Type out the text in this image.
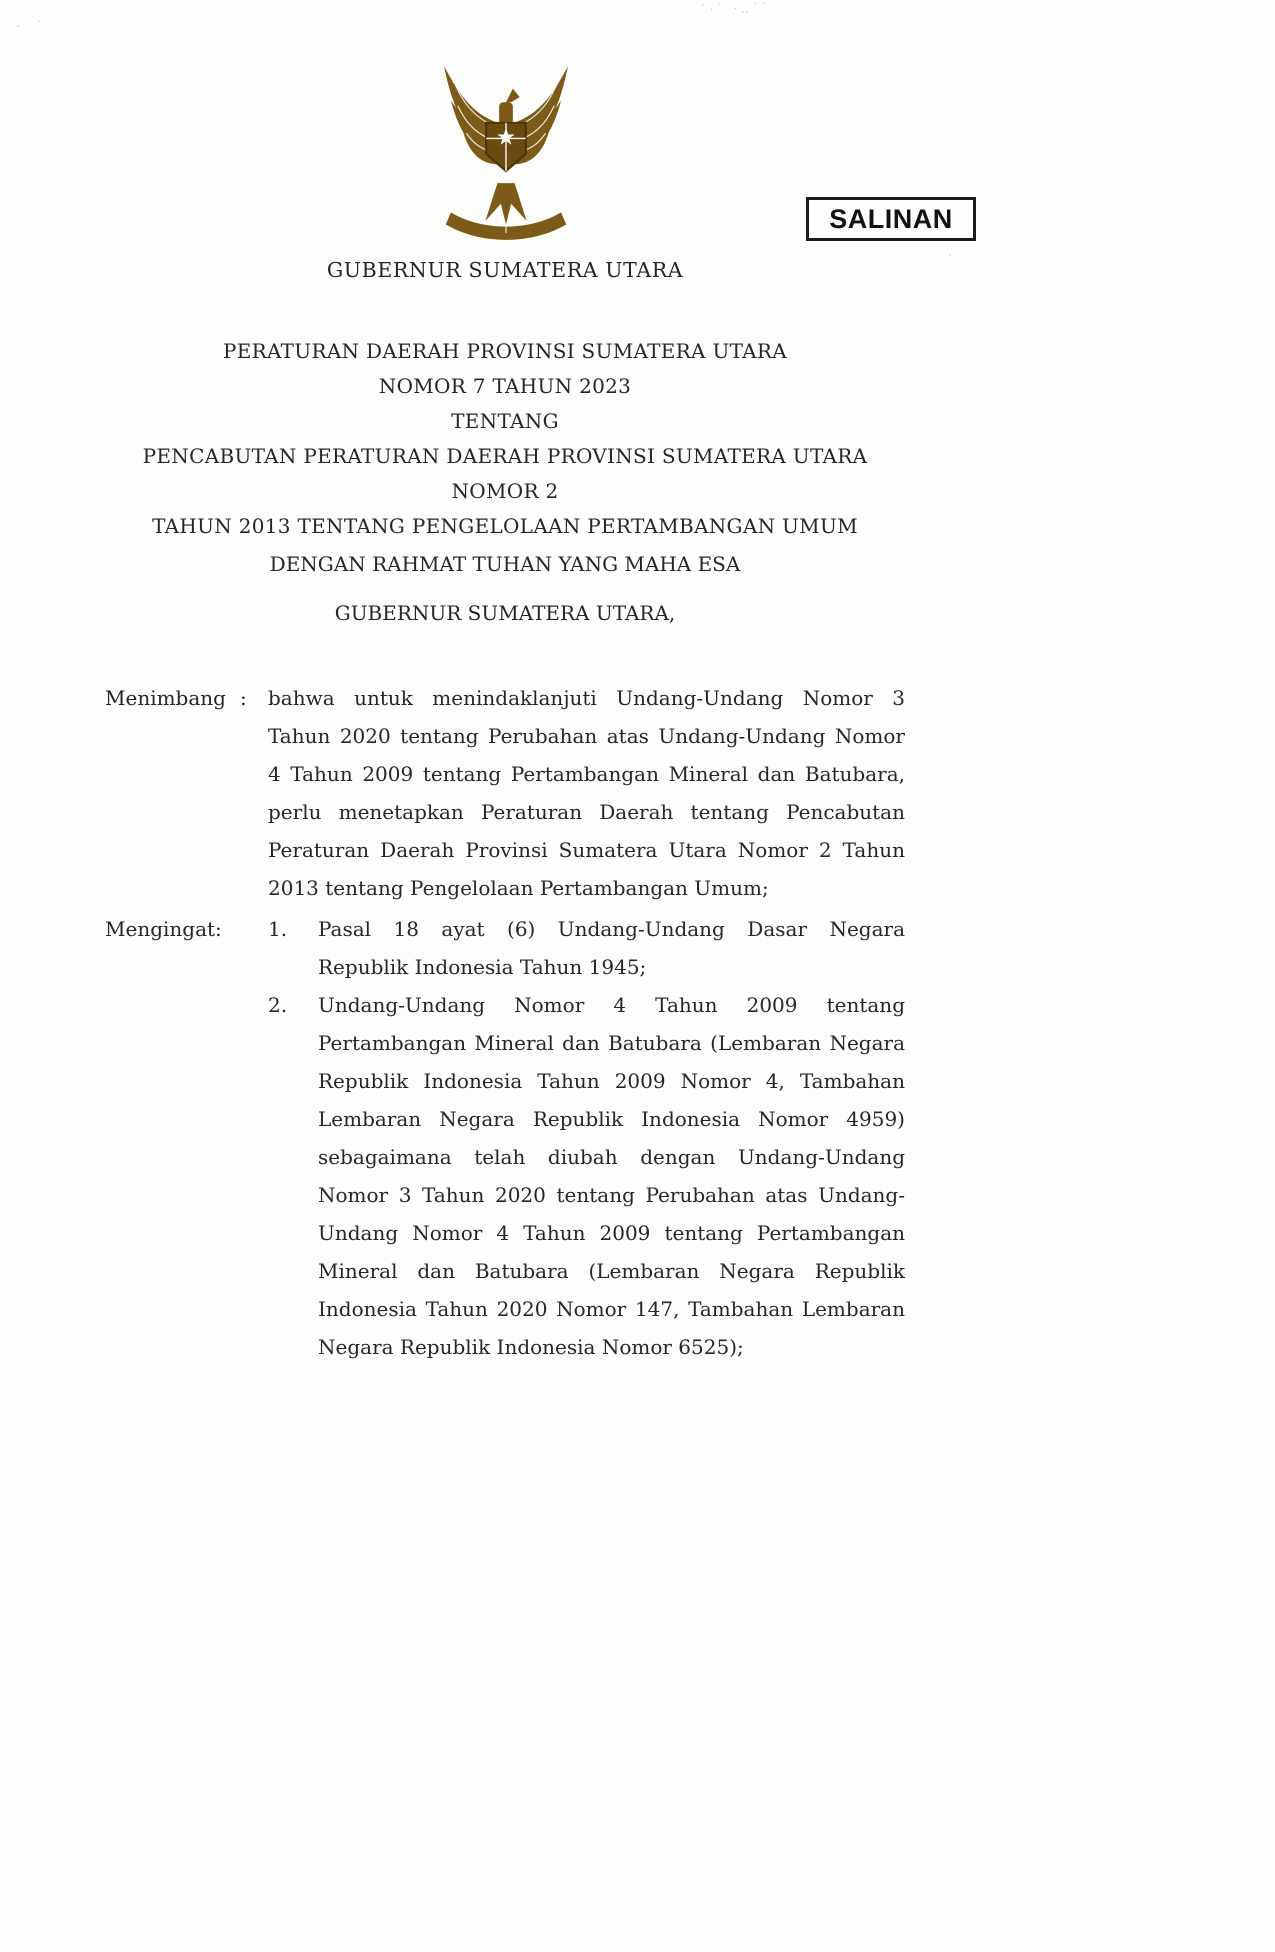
˙·˙ ·‥˙˙
· ˙
·
SALINAN
GUBERNUR SUMATERA UTARA
PERATURAN DAERAH PROVINSI SUMATERA UTARA
NOMOR 7 TAHUN 2023
TENTANG
PENCABUTAN PERATURAN DAERAH PROVINSI SUMATERA UTARA NOMOR 2
TAHUN 2013 TENTANG PENGELOLAAN PERTAMBANGAN UMUM
DENGAN RAHMAT TUHAN YANG MAHA ESA
GUBERNUR SUMATERA UTARA,
Menimbang :	bahwa untuk menindaklanjuti Undang-Undang Nomor 3 Tahun 2020 tentang Perubahan atas Undang-Undang Nomor 4 Tahun 2009 tentang Pertambangan Mineral dan Batubara, perlu menetapkan Peraturan Daerah tentang Pencabutan Peraturan Daerah Provinsi Sumatera Utara Nomor 2 Tahun 2013 tentang Pengelolaan Pertambangan Umum;
Mengingat:	1.	Pasal 18 ayat (6) Undang-Undang Dasar Negara Republik Indonesia Tahun 1945;
2.	Undang-Undang Nomor 4 Tahun 2009 tentang Pertambangan Mineral dan Batubara (Lembaran Negara Republik Indonesia Tahun 2009 Nomor 4, Tambahan Lembaran Negara Republik Indonesia Nomor 4959) sebagaimana telah diubah dengan Undang-Undang Nomor 3 Tahun 2020 tentang Perubahan atas Undang-Undang Nomor 4 Tahun 2009 tentang Pertambangan Mineral dan Batubara (Lembaran Negara Republik Indonesia Tahun 2020 Nomor 147, Tambahan Lembaran Negara Republik Indonesia Nomor 6525);
